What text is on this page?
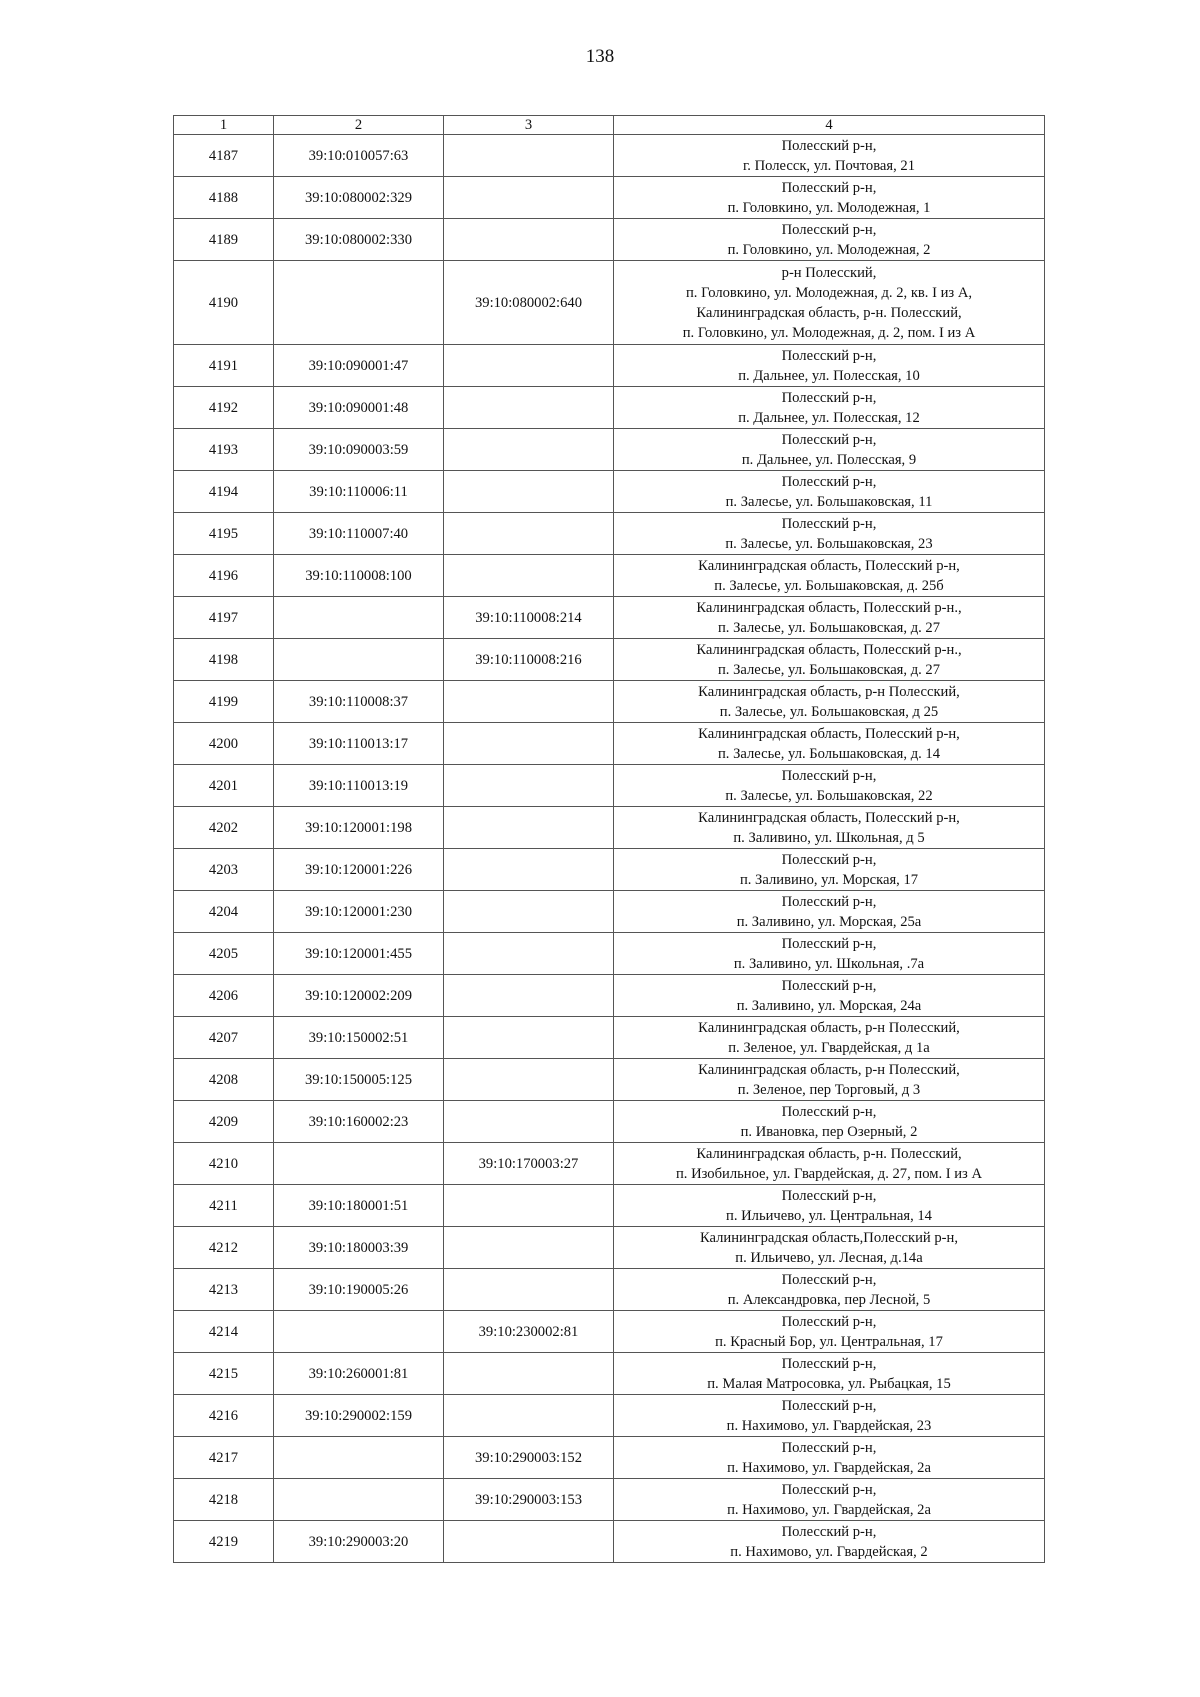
138
1	2	3	4
4187	39:10:010057:63		Полесский р-н,
г. Полесск, ул. Почтовая, 21

4188	39:10:080002:329		Полесский р-н,
п. Головкино, ул. Молодежная, 1

4189	39:10:080002:330		Полесский р-н,
п. Головкино, ул. Молодежная, 2

4190		39:10:080002:640	р-н Полесский,
п. Головкино, ул. Молодежная, д. 2, кв. I из А,
Калининградская область, р-н. Полесский,
п. Головкино, ул. Молодежная, д. 2, пом. I из А

4191	39:10:090001:47		Полесский р-н,
п. Дальнее, ул. Полесская, 10

4192	39:10:090001:48		Полесский р-н,
п. Дальнее, ул. Полесская, 12

4193	39:10:090003:59		Полесский р-н,
п. Дальнее, ул. Полесская, 9

4194	39:10:110006:11		Полесский р-н,
п. Залесье, ул. Большаковская, 11

4195	39:10:110007:40		Полесский р-н,
п. Залесье, ул. Большаковская, 23

4196	39:10:110008:100		Калининградская область, Полесский р-н,
п. Залесье, ул. Большаковская, д. 25б

4197		39:10:110008:214	Калининградская область, Полесский р-н.,
п. Залесье, ул. Большаковская, д. 27

4198		39:10:110008:216	Калининградская область, Полесский р-н.,
п. Залесье, ул. Большаковская, д. 27

4199	39:10:110008:37		Калининградская область, р-н Полесский,
п. Залесье, ул. Большаковская, д 25

4200	39:10:110013:17		Калининградская область, Полесский р-н,
п. Залесье, ул. Большаковская, д. 14

4201	39:10:110013:19		Полесский р-н,
п. Залесье, ул. Большаковская, 22

4202	39:10:120001:198		Калининградская область, Полесский р-н,
п. Заливино, ул. Школьная, д 5

4203	39:10:120001:226		Полесский р-н,
п. Заливино, ул. Морская, 17

4204	39:10:120001:230		Полесский р-н,
п. Заливино, ул. Морская, 25а

4205	39:10:120001:455		Полесский р-н,
п. Заливино, ул. Школьная, .7а

4206	39:10:120002:209		Полесский р-н,
п. Заливино, ул. Морская, 24а

4207	39:10:150002:51		Калининградская область, р-н Полесский,
п. Зеленое, ул. Гвардейская, д 1а

4208	39:10:150005:125		Калининградская область, р-н Полесский,
п. Зеленое, пер Торговый, д 3

4209	39:10:160002:23		Полесский р-н,
п. Ивановка, пер Озерный, 2

4210		39:10:170003:27	Калининградская область, р-н. Полесский,
п. Изобильное, ул. Гвардейская, д. 27, пом. I из А

4211	39:10:180001:51		Полесский р-н,
п. Ильичево, ул. Центральная, 14

4212	39:10:180003:39		Калининградская область,Полесский р-н,
п. Ильичево, ул. Лесная, д.14а

4213	39:10:190005:26		Полесский р-н,
п. Александровка, пер Лесной, 5

4214		39:10:230002:81	Полесский р-н,
п. Красный Бор, ул. Центральная, 17

4215	39:10:260001:81		Полесский р-н,
п. Малая Матросовка, ул. Рыбацкая, 15

4216	39:10:290002:159		Полесский р-н,
п. Нахимово, ул. Гвардейская, 23

4217		39:10:290003:152	Полесский р-н,
п. Нахимово, ул. Гвардейская, 2а

4218		39:10:290003:153	Полесский р-н,
п. Нахимово, ул. Гвардейская, 2а

4219	39:10:290003:20		Полесский р-н,
п. Нахимово, ул. Гвардейская, 2
